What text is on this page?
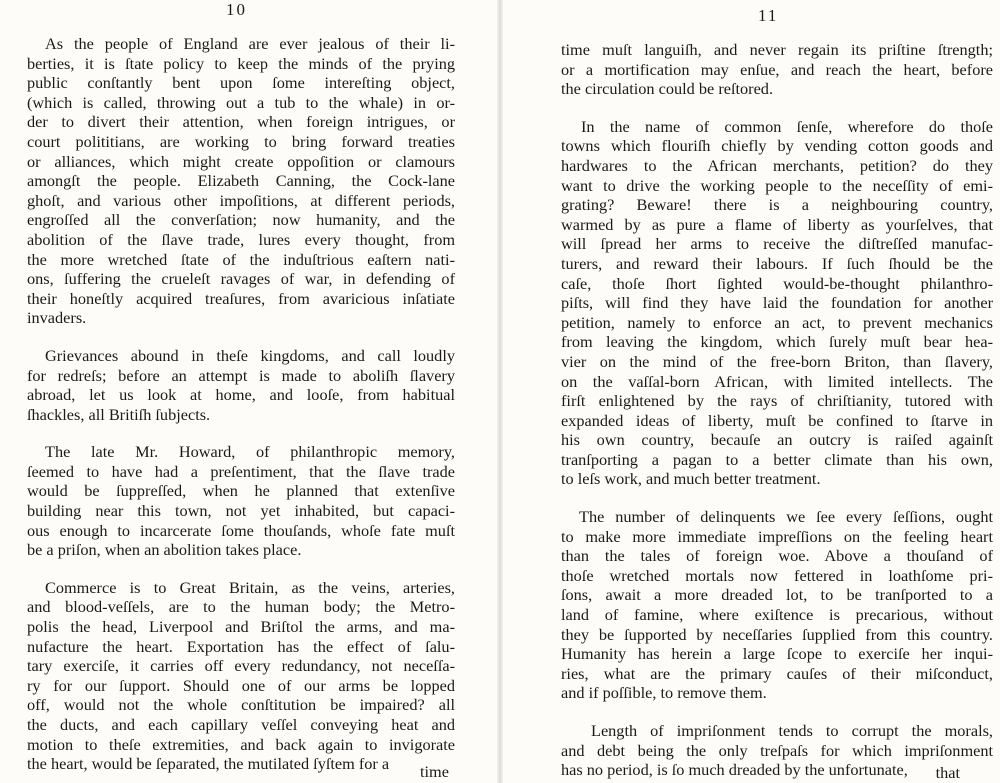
10
As the people of England are ever jealous of their li-
berties, it is ſtate policy to keep the minds of the prying
public conſtantly bent upon ſome intereſting object,
(which is called, throwing out a tub to the whale) in or-
der to divert their attention, when foreign intrigues, or
court polititians, are working to bring forward treaties
or alliances, which might create oppoſition or clamours
amongſt the people. Elizabeth Canning, the Cock-lane
ghoſt, and various other impoſitions, at different periods,
engroſſed all the converſation; now humanity, and the
abolition of the ſlave trade, lures every thought, from
the more wretched ſtate of the induſtrious eaſtern nati-
ons, ſuffering the crueleſt ravages of war, in defending of
their honeſtly acquired treaſures, from avaricious inſatiate
invaders.
Grievances abound in theſe kingdoms, and call loudly
for redreſs; before an attempt is made to aboliſh ſlavery
abroad, let us look at home, and looſe, from habitual
ſhackles, all Britiſh ſubjects.
The late Mr. Howard, of philanthropic memory,
ſeemed to have had a preſentiment, that the ſlave trade
would be ſuppreſſed, when he planned that extenſive
building near this town, not yet inhabited, but capaci-
ous enough to incarcerate ſome thouſands, whoſe fate muſt
be a priſon, when an abolition takes place.
Commerce is to Great Britain, as the veins, arteries,
and blood-veſſels, are to the human body; the Metro-
polis the head, Liverpool and Briſtol the arms, and ma-
nufacture the heart. Exportation has the effect of ſalu-
tary exerciſe, it carries off every redundancy, not neceſſa-
ry for our ſupport. Should one of our arms be lopped
off, would not the whole conſtitution be impaired? all
the ducts, and each capillary veſſel conveying heat and
motion to theſe extremities, and back again to invigorate
the heart, would be ſeparated, the mutilated ſyſtem for a	time
11
time muſt languiſh, and never regain its priſtine ſtrength;
or a mortification may enſue, and reach the heart, before
the circulation could be reſtored.
In the name of common ſenſe, wherefore do thoſe
towns which flouriſh chiefly by vending cotton goods and
hardwares to the African merchants, petition? do they
want to drive the working people to the neceſſity of emi-
grating? Beware! there is a neighbouring country,
warmed by as pure a flame of liberty as yourſelves, that
will ſpread her arms to receive the diſtreſſed manufac-
turers, and reward their labours. If ſuch ſhould be the
caſe, thoſe ſhort ſighted would-be-thought philanthro-
piſts, will find they have laid the foundation for another
petition, namely to enforce an act, to prevent mechanics
from leaving the kingdom, which ſurely muſt bear hea-
vier on the mind of the free-born Briton, than ſlavery,
on the vaſſal-born African, with limited intellects. The
firſt enlightened by the rays of chriſtianity, tutored with
expanded ideas of liberty, muſt be confined to ſtarve in
his own country, becauſe an outcry is raiſed againſt
tranſporting a pagan to a better climate than his own,
to leſs work, and much better treatment.
The number of delinquents we ſee every ſeſſions, ought
to make more immediate impreſſions on the feeling heart
than the tales of foreign woe. Above a thouſand of
thoſe wretched mortals now fettered in loathſome pri-
ſons, await a more dreaded lot, to be tranſported to a
land of famine, where exiſtence is precarious, without
they be ſupported by neceſſaries ſupplied from this country.
Humanity has herein a large ſcope to exerciſe her inqui-
ries, what are the primary cauſes of their miſconduct,
and if poſſible, to remove them.
Length of impriſonment tends to corrupt the morals,
and debt being the only treſpaſs for which impriſonment
has no period, is ſo much dreaded by the unfortunate,	that
